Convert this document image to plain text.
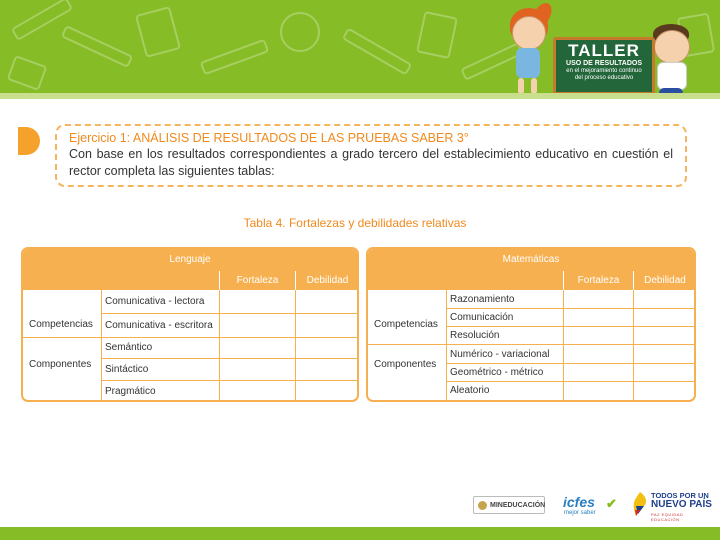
TALLER
USO DE RESULTADOS
en el mejoramiento continuo
del proceso educativo
Ejercicio 1: ANÁLISIS DE RESULTADOS DE LAS PRUEBAS SABER 3°
Con base en los resultados correspondientes a grado tercero del establecimiento educativo en cuestión el rector completa las siguientes tablas:
Tabla 4. Fortalezas y debilidades relativas
Lenguaje
Fortaleza	Debilidad
Competencias
Componentes
Comunicativa - lectora
Comunicativa - escritora
Semántico
Sintáctico
Pragmático
Matemáticas
Fortaleza	Debilidad
Competencias
Componentes
Razonamiento
Comunicación
Resolución
Numérico - variacional
Geométrico - métrico
Aleatorio
MINEDUCACIÓN icfes ✔
mejor saber
TODOS POR UN
NUEVO PAÍS
PAZ EQUIDAD EDUCACIÓN
